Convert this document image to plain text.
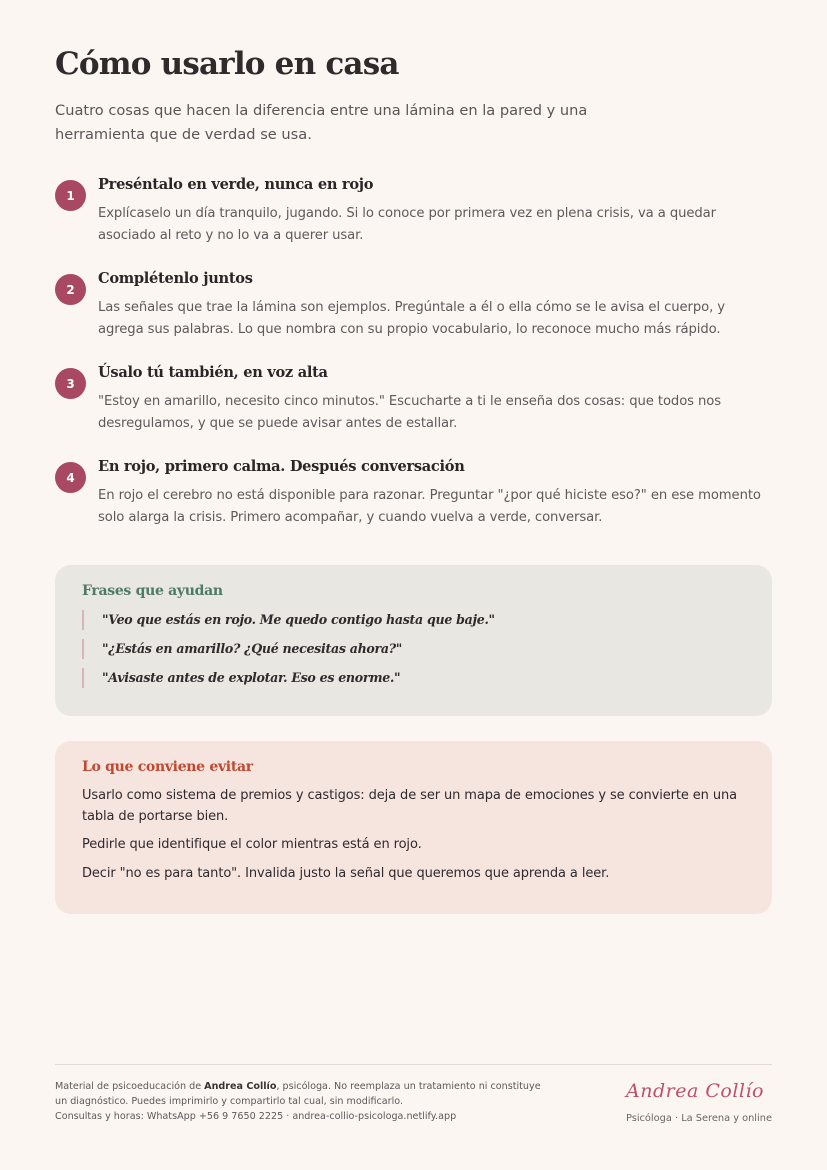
Cómo usarlo en casa

Cuatro cosas que hacen la diferencia entre una lámina en la pared y una herramienta que de verdad se usa.

1
Preséntalo en verde, nunca en rojo
Explícaselo un día tranquilo, jugando. Si lo conoce por primera vez en plena crisis, va a quedar asociado al reto y no lo va a querer usar.
2
Complétenlo juntos
Las señales que trae la lámina son ejemplos. Pregúntale a él o ella cómo se le avisa el cuerpo, y agrega sus palabras. Lo que nombra con su propio vocabulario, lo reconoce mucho más rápido.
3
Úsalo tú también, en voz alta
"Estoy en amarillo, necesito cinco minutos." Escucharte a ti le enseña dos cosas: que todos nos desregulamos, y que se puede avisar antes de estallar.
4
En rojo, primero calma. Después conversación
En rojo el cerebro no está disponible para razonar. Preguntar "¿por qué hiciste eso?" en ese momento solo alarga la crisis. Primero acompañar, y cuando vuelva a verde, conversar.
Frases que ayudan
"Veo que estás en rojo. Me quedo contigo hasta que baje."
"¿Estás en amarillo? ¿Qué necesitas ahora?"
"Avisaste antes de explotar. Eso es enorme."
Lo que conviene evitar

Usarlo como sistema de premios y castigos: deja de ser un mapa de emociones y se convierte en una tabla de portarse bien.

Pedirle que identifique el color mientras está en rojo.

Decir "no es para tanto". Invalida justo la señal que queremos que aprenda a leer.

Material de psicoeducación de Andrea Collío, psicóloga. No reemplaza un tratamiento ni constituye
un diagnóstico. Puedes imprimirlo y compartirlo tal cual, sin modificarlo.
Consultas y horas: WhatsApp +56 9 7650 2225 · andrea-collio-psicologa.netlify.app
Andrea Collío
Psicóloga · La Serena y online
